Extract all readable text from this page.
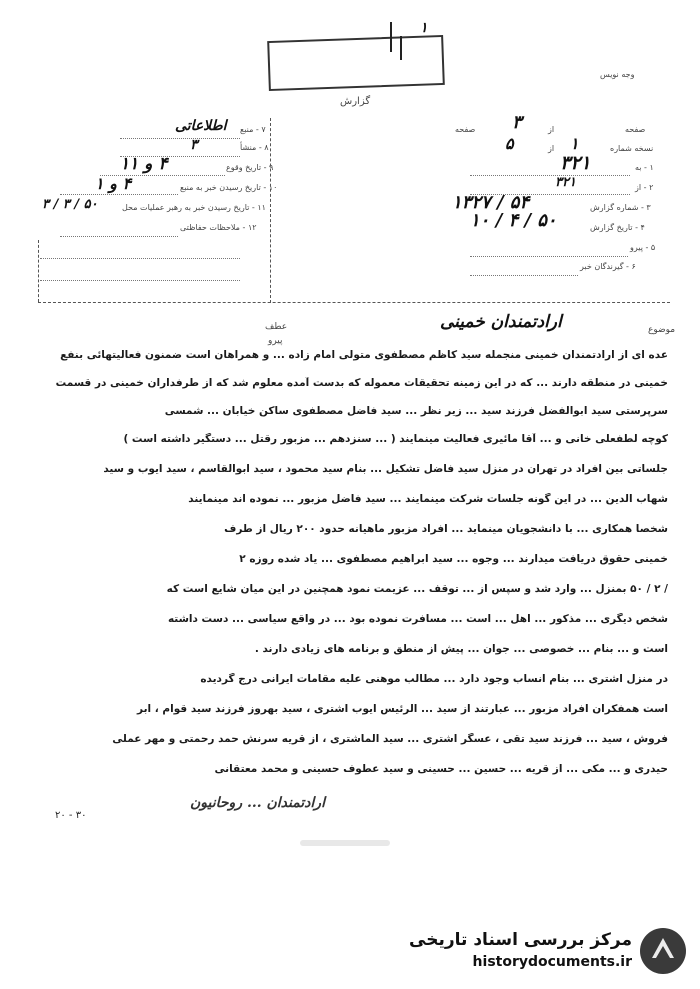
۱
گزارش
وجه نویس
۷ - منبع
اطلاعاتی
۸ - منشأ
۳
۹ - تاریخ وقوع
۴ و ۱۱
۱۰ - تاریخ رسیدن خبر به منبع
۴ و ۱
۱۱ - تاریخ رسیدن خبر به رهبر عملیات محل
۵۰ / ۳ / ۳
۱۲ - ملاحظات حفاظتی
صفحه
از
۳
صفحه
نسخه شماره
۱
از
۵
۱ - به
۳۲۱
۲ - از
۳۲۱
۳ - شماره گزارش
۵۴ / ۱۳۲۷
۴ - تاریخ گزارش
۵۰ / ۴ / ۱۰
۵ - پیرو
۶ - گیرندگان خبر
موضوع
ارادتمندان خمینی
عطف
پیرو
عده ای از ارادتمندان خمینی منجمله سید کاظم مصطفوی متولی امام زاده ... و همراهان است ضمنون فعالیتهائی بنفع
خمینی در منطقه دارند ... که در این زمینه تحقیقات معموله که بدست آمده معلوم شد که از طرفداران خمینی در قسمت
سرپرستی سید ابوالفضل فرزند سید ... زیر نظر ... سید فاضل مصطفوی ساکن خیابان ... شمسی
کوچه لطفعلی خانی و ... آقا مائیری فعالیت مینمایند ( ... سنزدهم ... مزبور رقتل ... دستگیر داشته است )
جلساتی بین افراد در تهران در منزل سید فاضل تشکیل ... بنام سید محمود ، سید ابوالقاسم ، سید ایوب و سید
شهاب الدین ... در این گونه جلسات شرکت مینمایند ... سید فاضل مزبور ... نموده اند مینمایند
شخصا همکاری ... با دانشجویان مینماید ... افراد مزبور ماهیانه حدود ۲۰۰ ریال از طرف
خمینی حقوق دریافت میدارند ... وجوه ... سید ابراهیم مصطفوی ... یاد شده روزه ۲
/ ۲ / ۵۰ بمنزل ... وارد شد و سپس از ... توقف ... عزیمت نمود همچنین در این میان شایع است که
شخص دیگری ... مذکور ... اهل ... است ... مسافرت نموده بود ... در واقع سیاسی ... دست داشته
است و ... بنام ... خصوصی ... جوان ... پیش از منطق و برنامه های زیادی دارند .
در منزل اشتری ... بنام انساب وجود دارد ... مطالب موهنی علیه مقامات ایرانی درج گردیده
است همفکران افراد مزبور ... عبارتند از سید ... الرئیس ایوب اشتری ، سید بهروز فرزند سید قوام ، ابر
فروش ، سید ... فرزند سید تقی ، عسگر اشتری ... سید الماشتری ، از قریه سرنش حمد رحمتی و مهر عملی
حیدری و ... مکی ... از قریه ... حسین ... حسینی و سید عطوف حسینی و محمد معتقانی
ارادتمندان ... روحانیون
۳۰ - ۲۰
مرکز بررسی اسناد تاریخی
historydocuments.ir
